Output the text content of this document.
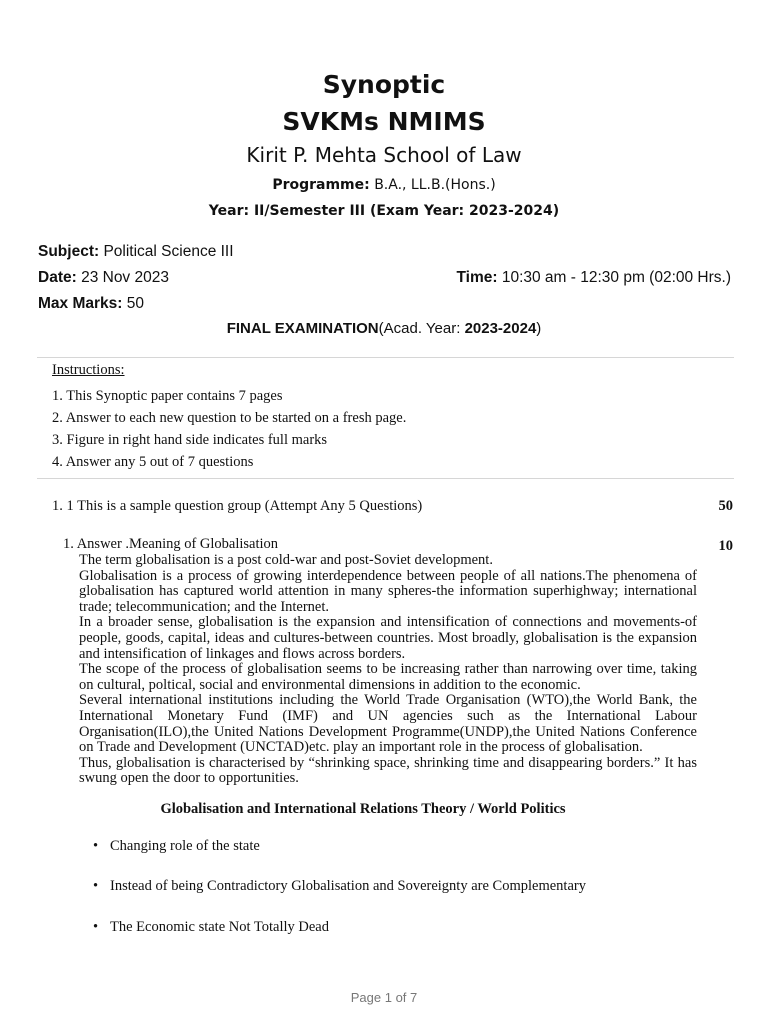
Synoptic
SVKMs NMIMS
Kirit P. Mehta School of Law
Programme: B.A., LL.B.(Hons.)
Year: II/Semester III (Exam Year: 2023-2024)
Subject: Political Science III
Date: 23 Nov 2023	Time: 10:30 am - 12:30 pm (02:00 Hrs.)
Max Marks: 50
FINAL EXAMINATION(Acad. Year: 2023-2024)
Instructions:
1. This Synoptic paper contains 7 pages
2. Answer to each new question to be started on a fresh page.
3. Figure in right hand side indicates full marks
4. Answer any 5 out of 7 questions
1. 1 This is a sample question group (Attempt Any 5 Questions)	50
1. Answer .Meaning of Globalisation	10

The term globalisation is a post cold-war and post-Soviet development.

Globalisation is a process of growing interdependence between people of all nations.The phenomena of globalisation has captured world attention in many spheres-the information superhighway; international trade; telecommunication; and the Internet.

In a broader sense, globalisation is the expansion and intensification of connections and movements-of people, goods, capital, ideas and cultures-between countries. Most broadly, globalisation is the expansion and intensification of linkages and flows across borders.

The scope of the process of globalisation seems to be increasing rather than narrowing over time, taking on cultural, poltical, social and environmental dimensions in addition to the economic.

Several international institutions including the World Trade Organisation (WTO),the World Bank, the International Monetary Fund (IMF) and UN agencies such as the International Labour Organisation(ILO),the United Nations Development Programme(UNDP),the United Nations Conference on Trade and Development (UNCTAD)etc. play an important role in the process of globalisation.

Thus, globalisation is characterised by “shrinking space, shrinking time and disappearing borders.” It has swung open the door to opportunities.

Globalisation and International Relations Theory / World Politics
• Changing role of the state
• Instead of being Contradictory Globalisation and Sovereignty are Complementary
• The Economic state Not Totally Dead
Page 1 of 7
